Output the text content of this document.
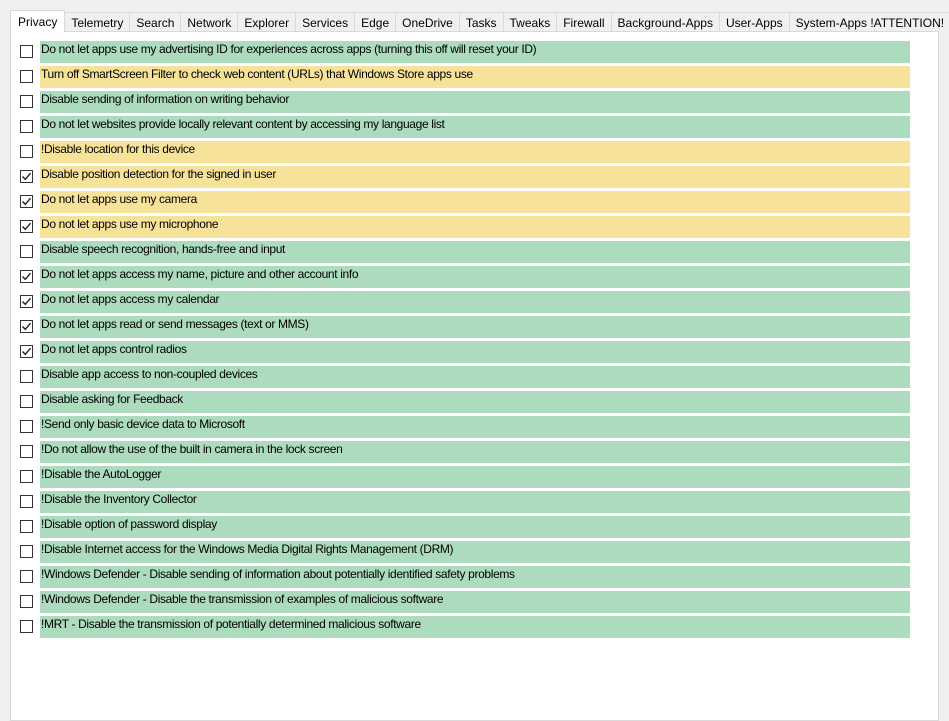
Privacy	Telemetry	Search	Network	Explorer	Services	Edge	OneDrive	Tasks	Tweaks	Firewall	Background-Apps	User-Apps	System-Apps !ATTENTION!
Do not let apps use my advertising ID for experiences across apps (turning this off will reset your ID)
Turn off SmartScreen Filter to check web content (URLs) that Windows Store apps use
Disable sending of information on writing behavior
Do not let websites provide locally relevant content by accessing my language list
!Disable location for this device
Disable position detection for the signed in user
Do not let apps use my camera
Do not let apps use my microphone
Disable speech recognition, hands-free and input
Do not let apps access my name, picture and other account info
Do not let apps access my calendar
Do not let apps read or send messages (text or MMS)
Do not let apps control radios
Disable app access to non-coupled devices
Disable asking for Feedback
!Send only basic device data to Microsoft
!Do not allow the use of the built in camera in the lock screen
!Disable the AutoLogger
!Disable the Inventory Collector
!Disable option of password display
!Disable Internet access for the Windows Media Digital Rights Management (DRM)
!Windows Defender - Disable sending of information about potentially identified safety problems
!Windows Defender - Disable the transmission of examples of malicious software
!MRT - Disable the transmission of potentially determined malicious software
